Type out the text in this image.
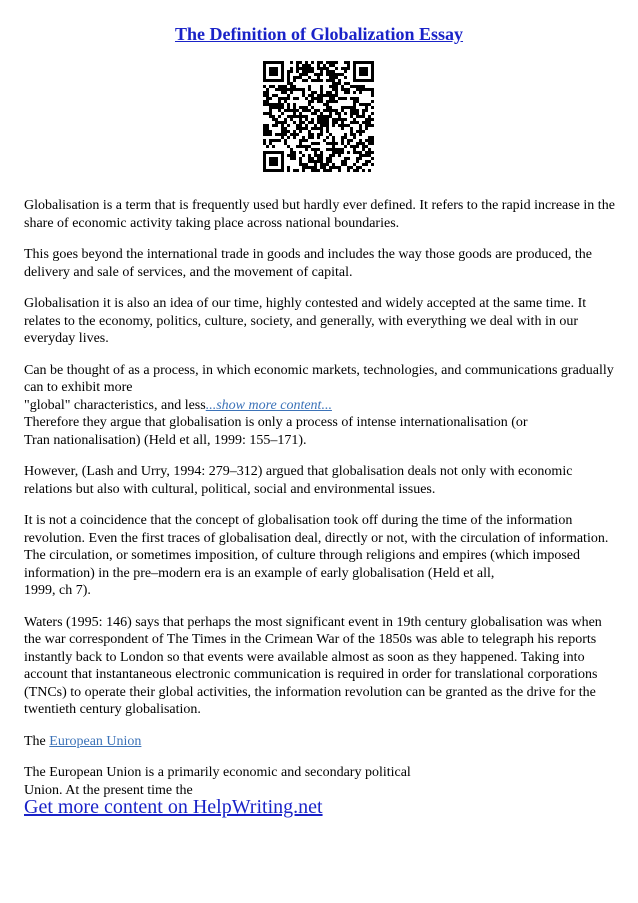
The Definition of Globalization Essay

Globalisation is a term that is frequently used but hardly ever defined. It refers to the rapid increase in the share of economic activity taking place across national boundaries.

This goes beyond the international trade in goods and includes the way those goods are produced, the delivery and sale of services, and the movement of capital.

Globalisation it is also an idea of our time, highly contested and widely accepted at the same time. It relates to the economy, politics, culture, society, and generally, with everything we deal with in our everyday lives.

Can be thought of as a process, in which economic markets, technologies, and communications gradually can to exhibit more
"global" characteristics, and less...show more content...
Therefore they argue that globalisation is only a process of intense internationalisation (or
Tran nationalisation) (Held et all, 1999: 155–171).

However, (Lash and Urry, 1994: 279–312) argued that globalisation deals not only with economic relations but also with cultural, political, social and environmental issues.

It is not a coincidence that the concept of globalisation took off during the time of the information revolution. Even the first traces of globalisation deal, directly or not, with the circulation of information. The circulation, or sometimes imposition, of culture through religions and empires (which imposed information) in the pre–modern era is an example of early globalisation (Held et all,
1999, ch 7).

Waters (1995: 146) says that perhaps the most significant event in 19th century globalisation was when the war correspondent of The Times in the Crimean War of the 1850s was able to telegraph his reports instantly back to London so that events were available almost as soon as they happened. Taking into account that instantaneous electronic communication is required in order for translational corporations (TNCs) to operate their global activities, the information revolution can be granted as the drive for the twentieth century globalisation.

The European Union

The European Union is a primarily economic and secondary political
Union. At the present time the

Get more content on HelpWriting.net
